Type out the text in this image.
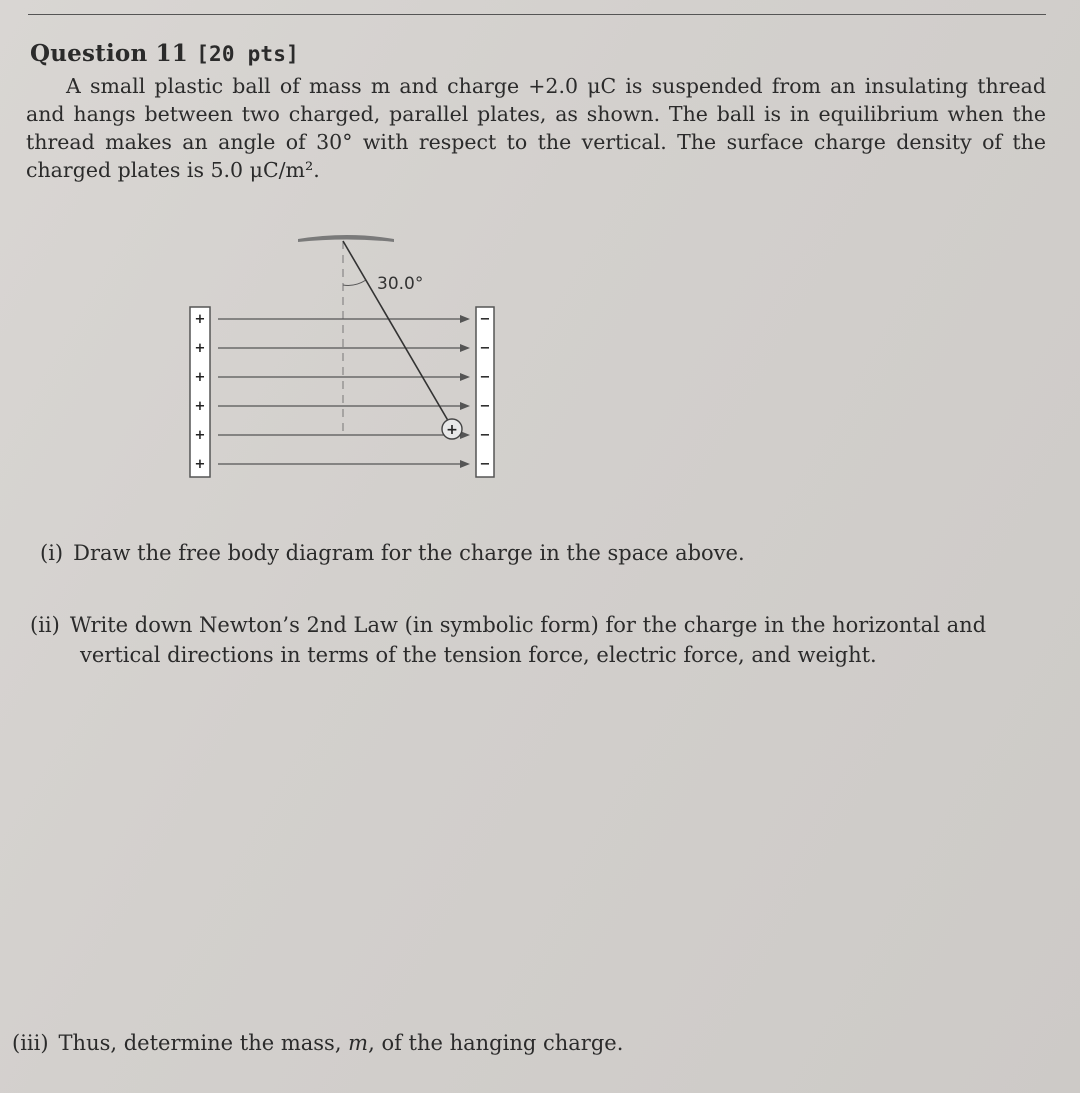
Question 11 [20 pts]

A small plastic ball of mass m and charge +2.0 μC is suspended from an insulating thread and hangs between two charged, parallel plates, as shown. The ball is in equilibrium when the thread makes an angle of 30° with respect to the vertical. The surface charge density of the charged plates is 5.0 μC/m².

30.0°
+
+
+
+
+
+
−
−
−
−
−
−
+

(i) Draw the free body diagram for the charge in the space above.

(ii) Write down Newton’s 2nd Law (in symbolic form) for the charge in the horizontal and
vertical directions in terms of the tension force, electric force, and weight.

(iii) Thus, determine the mass, m, of the hanging charge.
